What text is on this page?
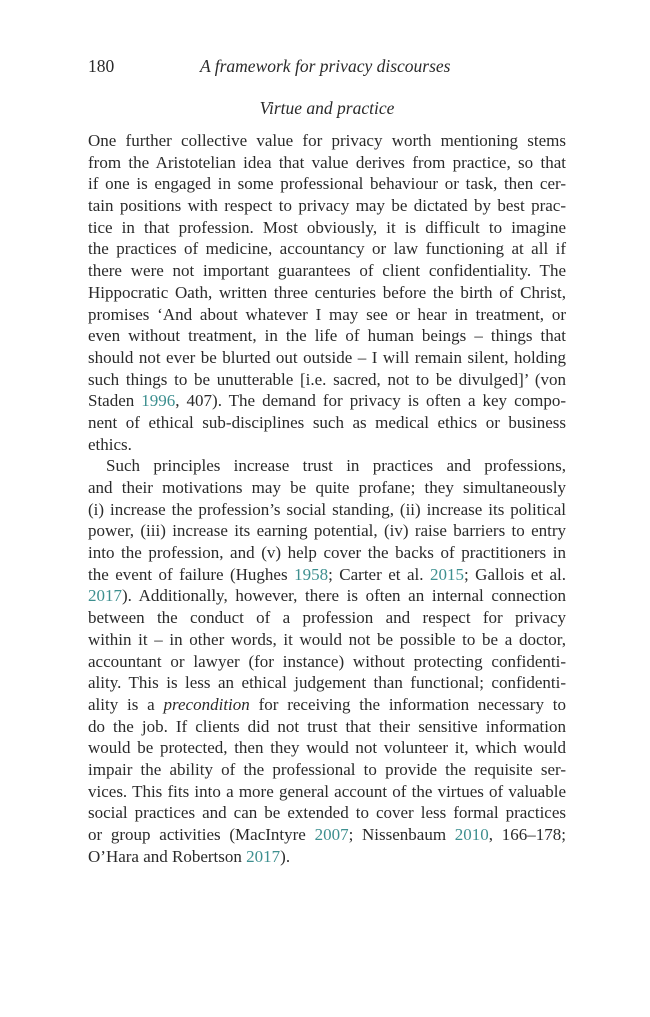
180	A framework for privacy discourses
Virtue and practice
One further collective value for privacy worth mentioning stems
from the Aristotelian idea that value derives from practice, so that
if one is engaged in some professional behaviour or task, then cer-
tain positions with respect to privacy may be dictated by best prac-
tice in that profession. Most obviously, it is difficult to imagine
the practices of medicine, accountancy or law functioning at all if
there were not important guarantees of client confidentiality. The
Hippocratic Oath, written three centuries before the birth of Christ,
promises ‘And about whatever I may see or hear in treatment, or
even without treatment, in the life of human beings – things that
should not ever be blurted out outside – I will remain silent, holding
such things to be unutterable [i.e. sacred, not to be divulged]’ (von
Staden 1996, 407). The demand for privacy is often a key compo-
nent of ethical sub-disciplines such as medical ethics or business
ethics.
Such principles increase trust in practices and professions,
and their motivations may be quite profane; they simultaneously
(i) increase the profession’s social standing, (ii) increase its political
power, (iii) increase its earning potential, (iv) raise barriers to entry
into the profession, and (v) help cover the backs of practitioners in
the event of failure (Hughes 1958; Carter et al. 2015; Gallois et al.
2017). Additionally, however, there is often an internal connection
between the conduct of a profession and respect for privacy
within it – in other words, it would not be possible to be a doctor,
accountant or lawyer (for instance) without protecting confidenti-
ality. This is less an ethical judgement than functional; confidenti-
ality is a precondition for receiving the information necessary to
do the job. If clients did not trust that their sensitive information
would be protected, then they would not volunteer it, which would
impair the ability of the professional to provide the requisite ser-
vices. This fits into a more general account of the virtues of valuable
social practices and can be extended to cover less formal practices
or group activities (MacIntyre 2007; Nissenbaum 2010, 166–178;
O’Hara and Robertson 2017).
